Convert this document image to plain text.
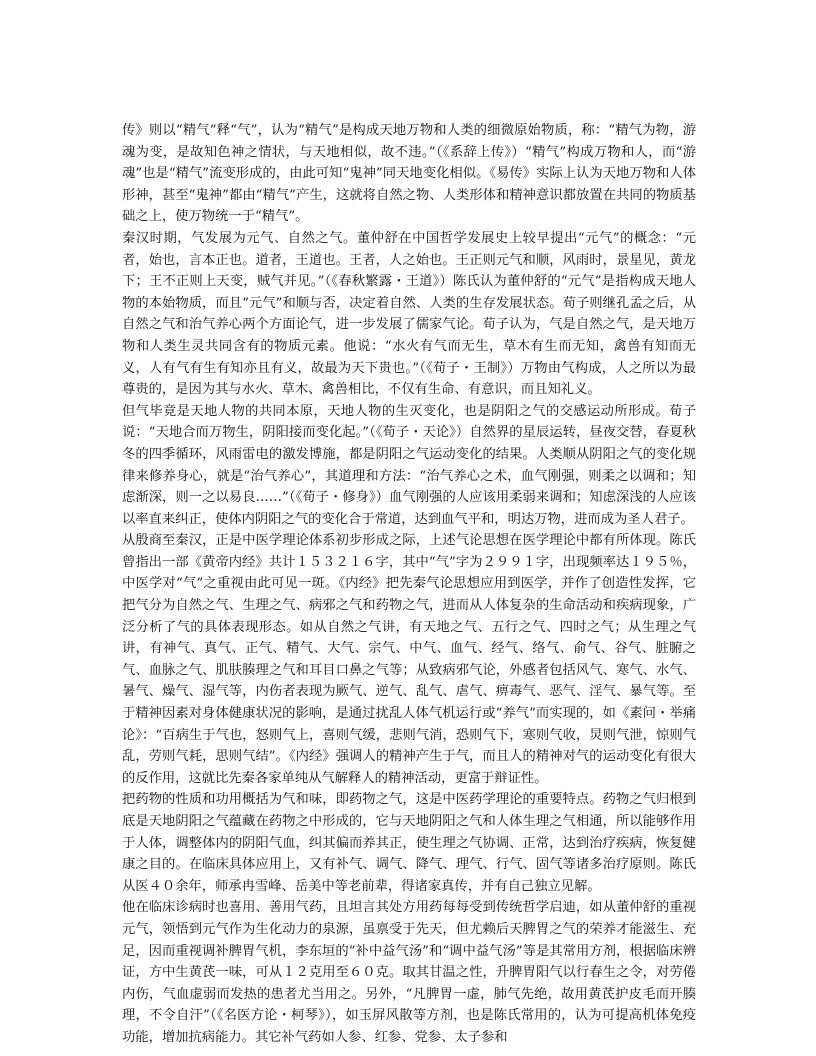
传》则以“精气”释“气”，认为“精气”是构成天地万物和人类的细微原始物质，称：“精气为物，游魂为变，是故知色神之情状，与天地相似，故不违。”（《系辞上传》）“精气”构成万物和人，而“游魂”也是“精气”流变形成的，由此可知“鬼神”同天地变化相似。《易传》实际上认为天地万物和人体形神，甚至“鬼神”都由“精气”产生，这就将自然之物、人类形体和精神意识都放置在共同的物质基础之上，使万物统一于“精气”。

秦汉时期，气发展为元气、自然之气。董仲舒在中国哲学发展史上较早提出“元气”的概念：“元者，始也，言本正也。道者，王道也。王者，人之始也。王正则元气和顺，风雨时，景星见，黄龙下；王不正则上天变，贼气并见。”（《春秋繁露・王道》）陈氏认为董仲舒的“元气”是指构成天地人物的本始物质，而且“元气”和顺与否，决定着自然、人类的生存发展状态。荀子则继孔孟之后，从自然之气和治气养心两个方面论气，进一步发展了儒家气论。荀子认为，气是自然之气，是天地万物和人类生灵共同含有的物质元素。他说：“水火有气而无生，草木有生而无知，禽兽有知而无义，人有气有生有知亦且有义，故最为天下贵也。”（《荀子・王制》）万物由气构成，人之所以为最尊贵的，是因为其与水火、草木、禽兽相比，不仅有生命、有意识，而且知礼义。

但气毕竟是天地人物的共同本原，天地人物的生灭变化，也是阴阳之气的交感运动所形成。荀子说：“天地合而万物生，阴阳接而变化起。”（《荀子・天论》）自然界的星辰运转，昼夜交替，春夏秋冬的四季循环，风雨雷电的激发博施，都是阴阳之气运动变化的结果。人类顺从阴阳之气的变化规律来修养身心，就是“治气养心”，其道理和方法：“治气养心之术，血气刚强，则柔之以调和；知虑渐深，则一之以易良……”（《荀子・修身》）血气刚强的人应该用柔弱来调和；知虑深浅的人应该以率直来纠正，使体内阴阳之气的变化合于常道，达到血气平和，明达万物，进而成为圣人君子。

从殷商至秦汉，正是中医学理论体系初步形成之际，上述气论思想在医学理论中都有所体现。陈氏曾指出一部《黄帝内经》共计１５３２１６字，其中“气”字为２９９１字，出现频率达１９５％，中医学对“气”之重视由此可见一斑。《内经》把先秦气论思想应用到医学，并作了创造性发挥，它把气分为自然之气、生理之气、病邪之气和药物之气，进而从人体复杂的生命活动和疾病现象，广泛分析了气的具体表现形态。如从自然之气讲，有天地之气、五行之气、四时之气；从生理之气讲，有神气、真气、正气、精气、大气、宗气、中气、血气、经气、络气、俞气、谷气、脏腑之气、血脉之气、肌肤腠理之气和耳目口鼻之气等；从致病邪气论，外感者包括风气、寒气、水气、暑气、燥气、湿气等，内伤者表现为厥气、逆气、乱气、虐气、痹毒气、恶气、淫气、暴气等。至于精神因素对身体健康状况的影响，是通过扰乱人体气机运行或“养气”而实现的，如《素问・举痛论》：“百病生于气也，怒则气上，喜则气缓，悲则气消，恐则气下，寒则气收，炅则气泄，惊则气乱，劳则气耗，思则气结”。《内经》强调人的精神产生于气，而且人的精神对气的运动变化有很大的反作用，这就比先秦各家单纯从气解释人的精神活动，更富于辩证性。

把药物的性质和功用概括为气和味，即药物之气，这是中医药学理论的重要特点。药物之气归根到底是天地阴阳之气蕴藏在药物之中形成的，它与天地阴阳之气和人体生理之气相通，所以能够作用于人体，调整体内的阴阳气血，纠其偏而养其正，使生理之气协调、正常，达到治疗疾病，恢复健康之目的。在临床具体应用上，又有补气、调气、降气、理气、行气、固气等诸多治疗原则。陈氏从医４０余年，师承冉雪峰、岳美中等老前辈，得诸家真传，并有自己独立见解。

他在临床诊病时也喜用、善用气药，且坦言其处方用药每每受到传统哲学启迪，如从董仲舒的重视元气，领悟到元气作为生化动力的泉源，虽禀受于先天，但尤赖后天脾胃之气的荣养才能滋生、充足，因而重视调补脾胃气机，李东垣的“补中益气汤”和“调中益气汤”等是其常用方剂，根据临床辨证，方中生黄芪一味，可从１２克用至６０克。取其甘温之性，升脾胃阳气以行春生之令，对劳倦内伤，气血虚弱而发热的患者尤当用之。另外，“凡脾胃一虚，肺气先绝，故用黄芪护皮毛而开腠理，不令自汗”（《名医方论・柯琴》），如玉屏风散等方剂，也是陈氏常用的，认为可提高机体免疫功能，增加抗病能力。其它补气药如人参、红参、党参、太子参和
